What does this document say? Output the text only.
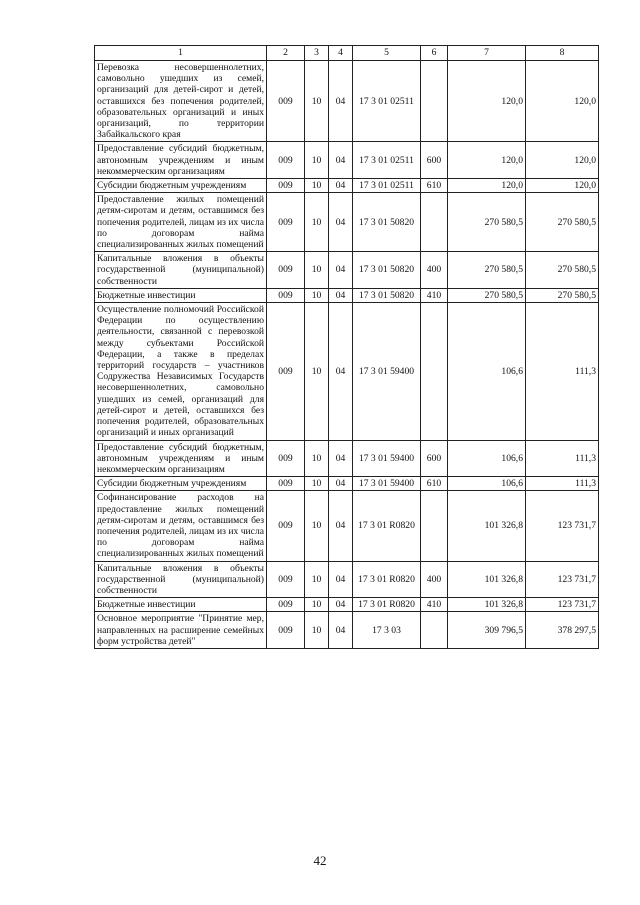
1	2	3	4	5	6	7	8
Перевозка несовершеннолетних, самовольно ушедших из семей, организаций для детей-сирот и детей, оставшихся без попечения родителей, образовательных организаций и иных организаций, по территории Забайкальского края	009	10	04	17 3 01 02511		120,0	120,0
Предоставление субсидий бюджетным, автономным учреждениям и иным некоммерческим организациям	009	10	04	17 3 01 02511	600	120,0	120,0
Субсидии бюджетным учреждениям	009	10	04	17 3 01 02511	610	120,0	120,0
Предоставление жилых помещений детям-сиротам и детям, оставшимся без попечения родителей, лицам из их числа по договорам найма специализированных жилых помещений	009	10	04	17 3 01 50820		270 580,5	270 580,5
Капитальные вложения в объекты государственной (муниципальной) собственности	009	10	04	17 3 01 50820	400	270 580,5	270 580,5
Бюджетные инвестиции	009	10	04	17 3 01 50820	410	270 580,5	270 580,5
Осуществление полномочий Российской Федерации по осуществлению деятельности, связанной с перевозкой между субъектами Российской Федерации, а также в пределах территорий государств – участников Содружества Независимых Государств несовершеннолетних, самовольно ушедших из семей, организаций для детей-сирот и детей, оставшихся без попечения родителей, образовательных организаций и иных организаций	009	10	04	17 3 01 59400		106,6	111,3
Предоставление субсидий бюджетным, автономным учреждениям и иным некоммерческим организациям	009	10	04	17 3 01 59400	600	106,6	111,3
Субсидии бюджетным учреждениям	009	10	04	17 3 01 59400	610	106,6	111,3
Софинансирование расходов на предоставление жилых помещений детям-сиротам и детям, оставшимся без попечения родителей, лицам из их числа по договорам найма специализированных жилых помещений	009	10	04	17 3 01 R0820		101 326,8	123 731,7
Капитальные вложения в объекты государственной (муниципальной) собственности	009	10	04	17 3 01 R0820	400	101 326,8	123 731,7
Бюджетные инвестиции	009	10	04	17 3 01 R0820	410	101 326,8	123 731,7
Основное мероприятие "Принятие мер, направленных на расширение семейных форм устройства детей"	009	10	04	17 3 03		309 796,5	378 297,5
42
